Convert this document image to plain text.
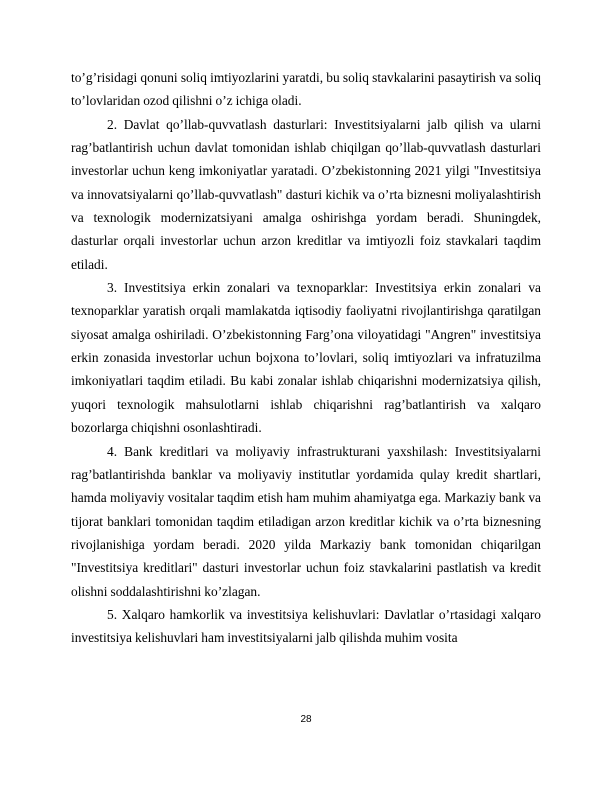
to’g’risidagi qonuni soliq imtiyozlarini yaratdi, bu soliq stavkalarini pasaytirish va soliq to’lovlaridan ozod qilishni o’z ichiga oladi.

2. Davlat qo’llab-quvvatlash dasturlari: Investitsiyalarni jalb qilish va ularni rag’batlantirish uchun davlat tomonidan ishlab chiqilgan qo’llab-quvvatlash dasturlari investorlar uchun keng imkoniyatlar yaratadi. O’zbekistonning 2021 yilgi "Investitsiya va innovatsiyalarni qo’llab-quvvatlash" dasturi kichik va o’rta biznesni moliyalashtirish va texnologik modernizatsiyani amalga oshirishga yordam beradi. Shuningdek, dasturlar orqali investorlar uchun arzon kreditlar va imtiyozli foiz stavkalari taqdim etiladi.

3. Investitsiya erkin zonalari va texnoparklar: Investitsiya erkin zonalari va texnoparklar yaratish orqali mamlakatda iqtisodiy faoliyatni rivojlantirishga qaratilgan siyosat amalga oshiriladi. O’zbekistonning Farg’ona viloyatidagi "Angren" investitsiya erkin zonasida investorlar uchun bojxona to’lovlari, soliq imtiyozlari va infratuzilma imkoniyatlari taqdim etiladi. Bu kabi zonalar ishlab chiqarishni modernizatsiya qilish, yuqori texnologik mahsulotlarni ishlab chiqarishni rag’batlantirish va xalqaro bozorlarga chiqishni osonlashtiradi.

4. Bank kreditlari va moliyaviy infrastrukturani yaxshilash: Investitsiyalarni rag’batlantirishda banklar va moliyaviy institutlar yordamida qulay kredit shartlari, hamda moliyaviy vositalar taqdim etish ham muhim ahamiyatga ega. Markaziy bank va tijorat banklari tomonidan taqdim etiladigan arzon kreditlar kichik va o’rta biznesning rivojlanishiga yordam beradi. 2020 yilda Markaziy bank tomonidan chiqarilgan "Investitsiya kreditlari" dasturi investorlar uchun foiz stavkalarini pastlatish va kredit olishni soddalashtirishni ko’zlagan.

5. Xalqaro hamkorlik va investitsiya kelishuvlari: Davlatlar o’rtasidagi xalqaro investitsiya kelishuvlari ham investitsiyalarni jalb qilishda muhim vosita

28
